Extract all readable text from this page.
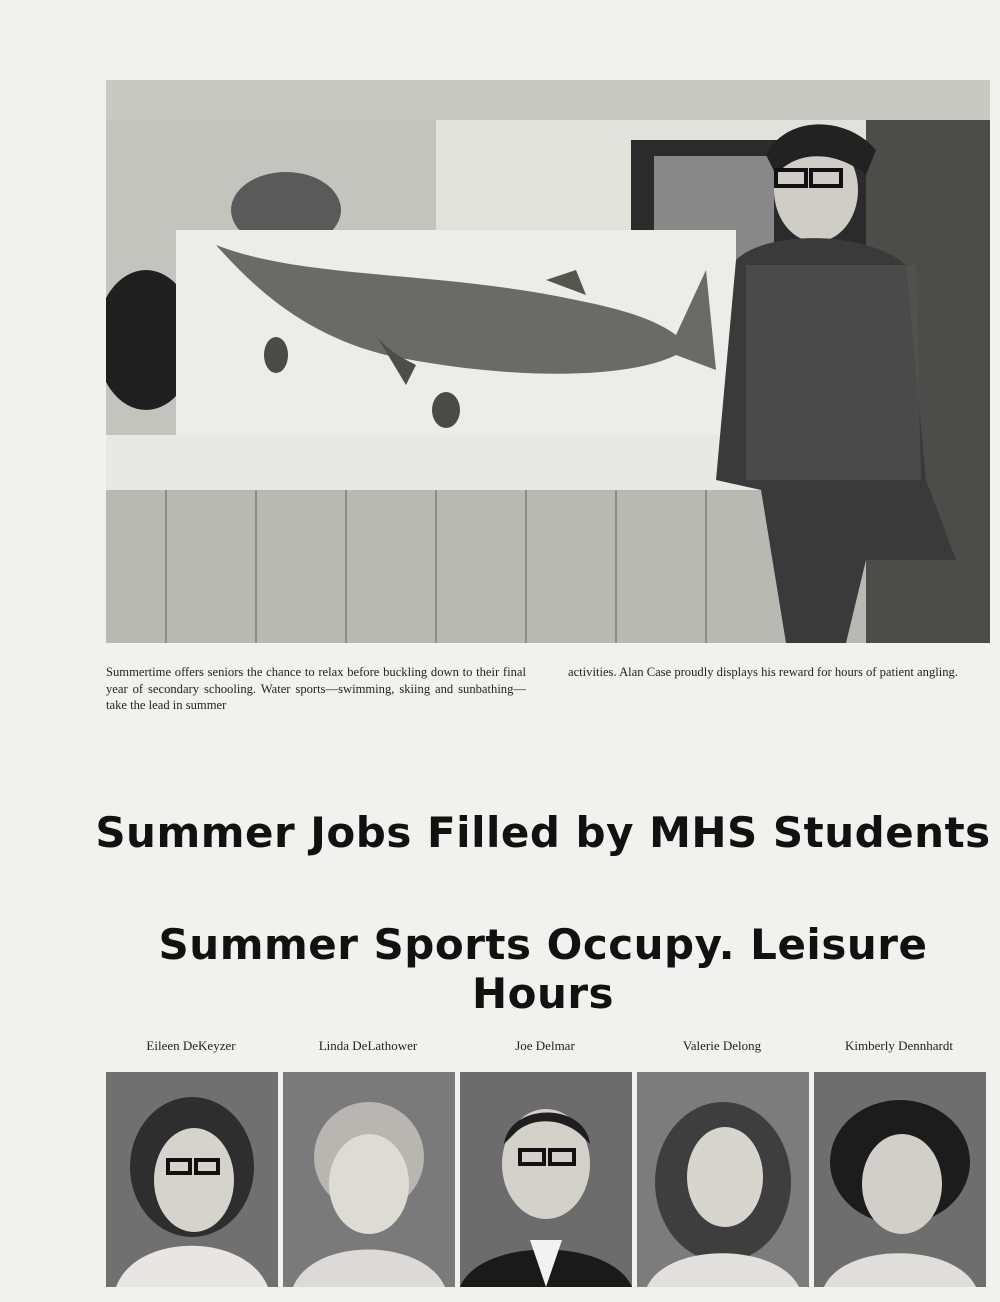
Summertime offers seniors the chance to relax before buckling down to their final year of secondary schooling. Water sports—swimming, skiing and sunbathing—take the lead in summer
activities. Alan Case proudly displays his reward for hours of patient angling.
Summer Jobs Filled by MHS Students
Summer Sports Occupy. Leisure Hours
Eileen DeKeyzer	Linda DeLathower	Joe Delmar	Valerie Delong	Kimberly Dennhardt
